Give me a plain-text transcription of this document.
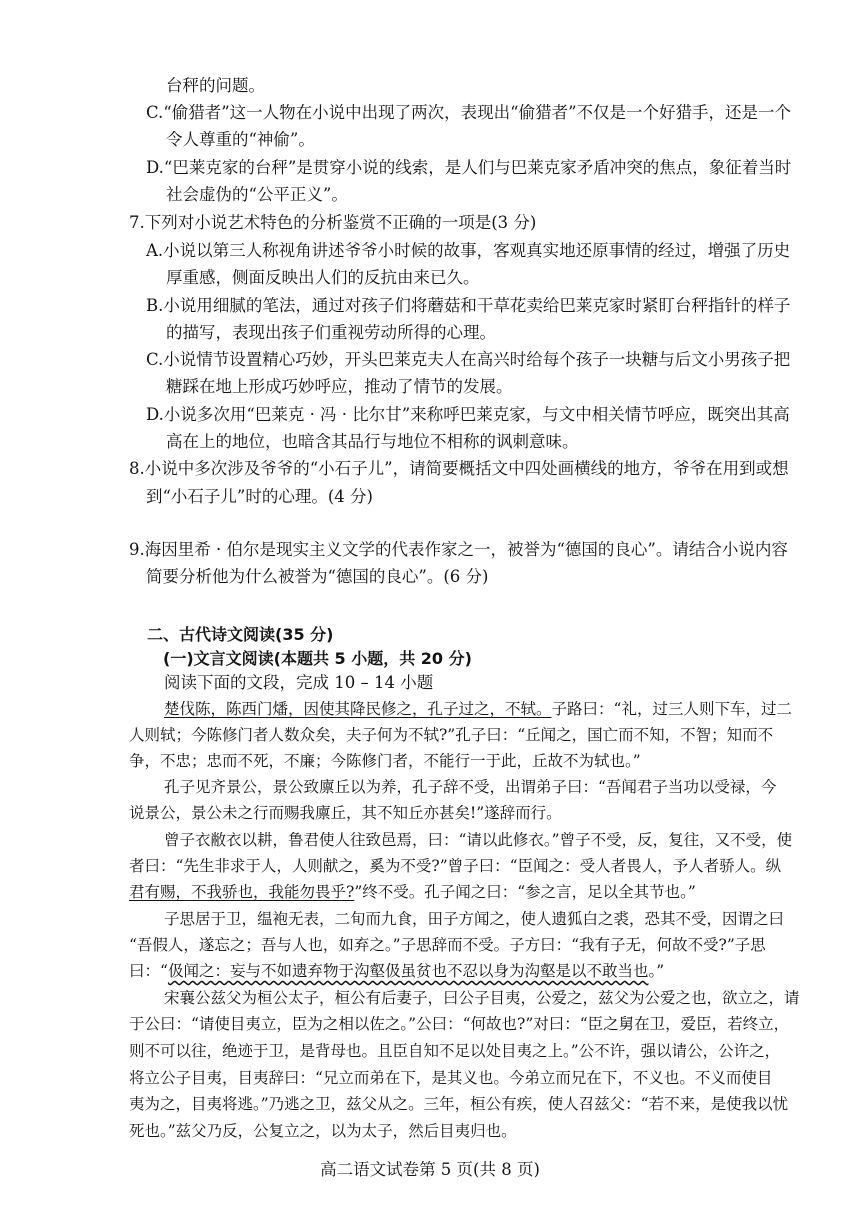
台秤的问题。
C.“偷猎者”这一人物在小说中出现了两次，表现出“偷猎者”不仅是一个好猎手，还是一个
令人尊重的“神偷”。
D.“巴莱克家的台秤”是贯穿小说的线索，是人们与巴莱克家矛盾冲突的焦点，象征着当时
社会虚伪的“公平正义”。
7.下列对小说艺术特色的分析鉴赏不正确的一项是(3 分)
A.小说以第三人称视角讲述爷爷小时候的故事，客观真实地还原事情的经过，增强了历史
厚重感，侧面反映出人们的反抗由来已久。
B.小说用细腻的笔法，通过对孩子们将蘑菇和干草花卖给巴莱克家时紧盯台秤指针的样子
的描写，表现出孩子们重视劳动所得的心理。
C.小说情节设置精心巧妙，开头巴莱克夫人在高兴时给每个孩子一块糖与后文小男孩子把
糖踩在地上形成巧妙呼应，推动了情节的发展。
D.小说多次用“巴莱克 · 冯 · 比尔甘”来称呼巴莱克家，与文中相关情节呼应，既突出其高
高在上的地位，也暗含其品行与地位不相称的讽刺意味。
8.小说中多次涉及爷爷的“小石子儿”，请简要概括文中四处画横线的地方，爷爷在用到或想
到“小石子儿”时的心理。(4 分)
9.海因里希 · 伯尔是现实主义文学的代表作家之一，被誉为“德国的良心”。请结合小说内容
简要分析他为什么被誉为“德国的良心”。(6 分)
阅读下面的文段，完成 10 – 14 小题
二、古代诗文阅读(35 分)
(一)文言文阅读(本题共 5 小题，共 20 分)
楚伐陈，陈西门燔，因使其降民修之，孔子过之，不轼。子路曰：“礼，过三人则下车，过二
人则轼；今陈修门者人数众矣，夫子何为不轼?”孔子曰：“丘闻之，国亡而不知，不智；知而不
争，不忠；忠而不死，不廉；今陈修门者，不能行一于此，丘故不为轼也。”
孔子见齐景公，景公致廪丘以为养，孔子辞不受，出谓弟子曰：“吾闻君子当功以受禄，今
说景公，景公未之行而赐我廪丘，其不知丘亦甚矣!”遂辞而行。
曾子衣敝衣以耕，鲁君使人往致邑焉，曰：“请以此修衣。”曾子不受，反，复往，又不受，使
者曰：“先生非求于人，人则献之，奚为不受?”曾子曰：“臣闻之：受人者畏人，予人者骄人。纵
君有赐，不我骄也，我能勿畏乎?”终不受。孔子闻之曰：“参之言，足以全其节也。”
子思居于卫，缊袍无表，二旬而九食，田子方闻之，使人遗狐白之裘，恐其不受，因谓之曰
“吾假人，遂忘之；吾与人也，如弃之。”子思辞而不受。子方曰：“我有子无，何故不受?”子思
曰：“伋闻之：妄与不如遗弃物于沟壑伋虽贫也不忍以身为沟壑是以不敢当也。”
宋襄公兹父为桓公太子，桓公有后妻子，曰公子目夷，公爱之，兹父为公爱之也，欲立之，请
于公曰：“请使目夷立，臣为之相以佐之。”公曰：“何故也?”对曰：“臣之舅在卫，爱臣，若终立，
则不可以往，绝迹于卫，是背母也。且臣自知不足以处目夷之上。”公不许，强以请公，公许之，
将立公子目夷，目夷辞曰：“兄立而弟在下，是其义也。今弟立而兄在下，不义也。不义而使目
夷为之，目夷将逃。”乃逃之卫，兹父从之。三年，桓公有疾，使人召兹父：“若不来，是使我以忧
死也。”兹父乃反，公复立之，以为太子，然后目夷归也。
高二语文试卷第 5 页(共 8 页)
